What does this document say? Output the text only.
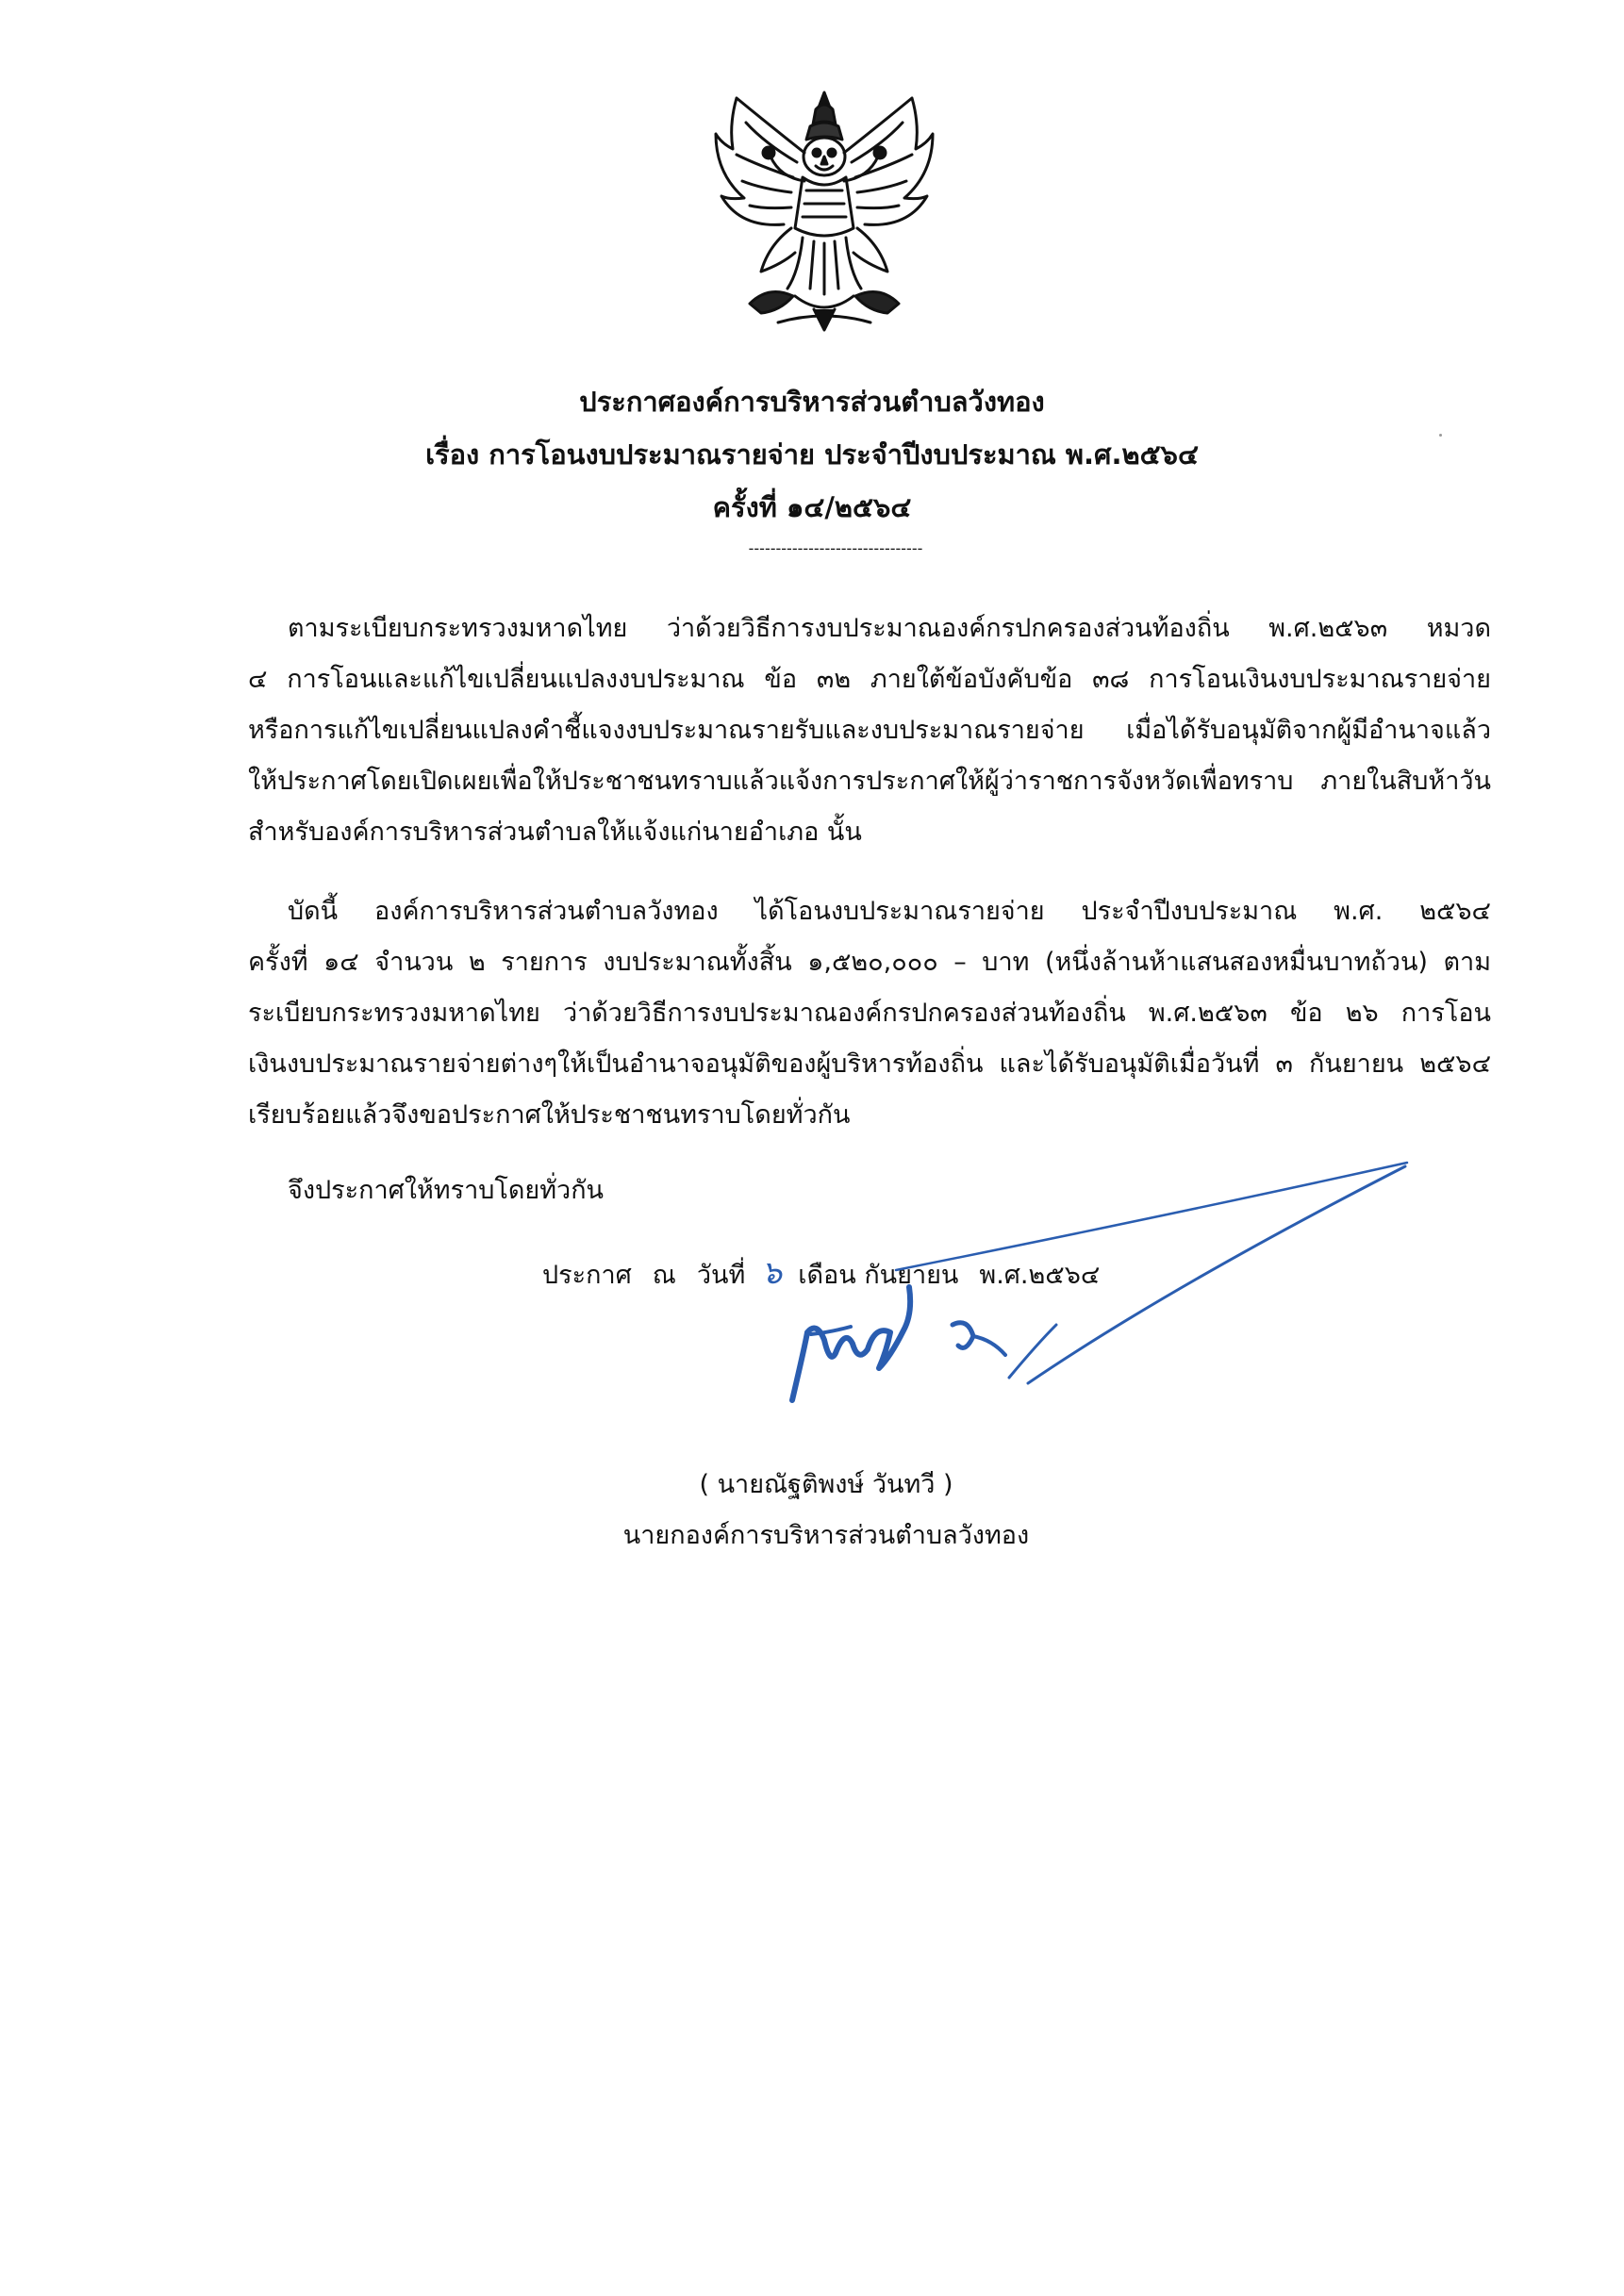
ประกาศองค์การบริหารส่วนตำบลวังทอง
เรื่อง การโอนงบประมาณรายจ่าย ประจำปีงบประมาณ พ.ศ.๒๕๖๔
ครั้งที่ ๑๔/๒๕๖๔
--------------------------------
ตามระเบียบกระทรวงมหาดไทย ว่าด้วยวิธีการงบประมาณองค์กรปกครองส่วนท้องถิ่น พ.ศ.๒๕๖๓ หมวด
๔ การโอนและแก้ไขเปลี่ยนแปลงงบประมาณ ข้อ ๓๒ ภายใต้ข้อบังคับข้อ ๓๘ การโอนเงินงบประมาณรายจ่าย
หรือการแก้ไขเปลี่ยนแปลงคำชี้แจงงบประมาณรายรับและงบประมาณรายจ่าย เมื่อได้รับอนุมัติจากผู้มีอำนาจแล้ว
ให้ประกาศโดยเปิดเผยเพื่อให้ประชาชนทราบแล้วแจ้งการประกาศให้ผู้ว่าราชการจังหวัดเพื่อทราบ ภายในสิบห้าวัน
สำหรับองค์การบริหารส่วนตำบลให้แจ้งแก่นายอำเภอ นั้น
บัดนี้ องค์การบริหารส่วนตำบลวังทอง ได้โอนงบประมาณรายจ่าย ประจำปีงบประมาณ พ.ศ. ๒๕๖๔
ครั้งที่ ๑๔ จำนวน ๒ รายการ งบประมาณทั้งสิ้น ๑,๕๒๐,๐๐๐ – บาท (หนึ่งล้านห้าแสนสองหมื่นบาทถ้วน) ตาม
ระเบียบกระทรวงมหาดไทย ว่าด้วยวิธีการงบประมาณองค์กรปกครองส่วนท้องถิ่น พ.ศ.๒๕๖๓ ข้อ ๒๖ การโอน
เงินงบประมาณรายจ่ายต่างๆให้เป็นอำนาจอนุมัติของผู้บริหารท้องถิ่น และได้รับอนุมัติเมื่อวันที่ ๓ กันยายน ๒๕๖๔
เรียบร้อยแล้วจึงขอประกาศให้ประชาชนทราบโดยทั่วกัน
จึงประกาศให้ทราบโดยทั่วกัน
ประกาศ ณ วันที่ ๖ เดือน กันยายน พ.ศ.๒๕๖๔
( นายณัฐติพงษ์ วันทวี )
นายกองค์การบริหารส่วนตำบลวังทอง
